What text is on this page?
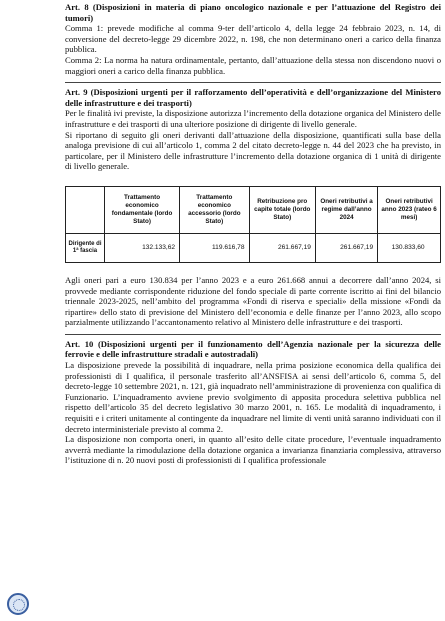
Art. 8 (Disposizioni in materia di piano oncologico nazionale e per l’attuazione del Registro dei tumori)
Comma 1: prevede modifiche al comma 9-ter dell’articolo 4, della legge 24 febbraio 2023, n. 14, di conversione del decreto-legge 29 dicembre 2022, n. 198, che non determinano oneri a carico della finanza pubblica.
Comma 2: La norma ha natura ordinamentale, pertanto, dall’attuazione della stessa non discendono nuovi o maggiori oneri a carico della finanza pubblica.
Art. 9 (Disposizioni urgenti per il rafforzamento dell’operatività e dell’organizzazione del Ministero delle infrastrutture e dei trasporti)
Per le finalità ivi previste, la disposizione autorizza l’incremento della dotazione organica del Ministero delle infrastrutture e dei trasporti di una ulteriore posizione di dirigente di livello generale.
Si riportano di seguito gli oneri derivanti dall’attuazione della disposizione, quantificati sulla base della analoga previsione di cui all’articolo 1, comma 2 del citato decreto-legge n. 44 del 2023 che ha previsto, in particolare, per il Ministero delle infrastrutture l’incremento della dotazione organica di 1 unità di dirigente di livello generale.
	Trattamento economico fondamentale (lordo Stato)	Trattamento economico accessorio (lordo Stato)	Retribuzione pro capite totale (lordo Stato)	Oneri retributivi a regime dall’anno 2024	Oneri retributivi anno 2023 (rateo 6 mesi)
Dirigente di 1ª fascia	132.133,62	119.616,78	261.667,19	261.667,19	130.833,60
Agli oneri pari a euro 130.834 per l’anno 2023 e a euro 261.668 annui a decorrere dall’anno 2024, si provvede mediante corrispondente riduzione del fondo speciale di parte corrente iscritto ai fini del bilancio triennale 2023-2025, nell’ambito del programma «Fondi di riserva e speciali» della missione «Fondi da ripartire» dello stato di previsione del Ministero dell’economia e delle finanze per l’anno 2023, allo scopo parzialmente utilizzando l’accantonamento relativo al Ministero delle infrastrutture e dei trasporti.
Art. 10 (Disposizioni urgenti per il funzionamento dell’Agenzia nazionale per la sicurezza delle ferrovie e delle infrastrutture stradali e autostradali)
La disposizione prevede la possibilità di inquadrare, nella prima posizione economica della qualifica dei professionisti di I qualifica, il personale trasferito all’ANSFISA ai sensi dell’articolo 6, comma 5, del decreto-legge 10 settembre 2021, n. 121, già inquadrato nell’amministrazione di provenienza con qualifica di Funzionario. L’inquadramento avviene previo svolgimento di apposita procedura selettiva pubblica nel rispetto dell’articolo 35 del decreto legislativo 30 marzo 2001, n. 165. Le modalità di inquadramento, i requisiti e i criteri unitamente al contingente da inquadrare nel limite di venti unità saranno individuati con il decreto interministeriale previsto al comma 2.
La disposizione non comporta oneri, in quanto all’esito delle citate procedure, l’eventuale inquadramento avverrà mediante la rimodulazione della dotazione organica a invarianza finanziaria complessiva, attraverso l’istituzione di n. 20 nuovi posti di professionisti di I qualifica professionale
